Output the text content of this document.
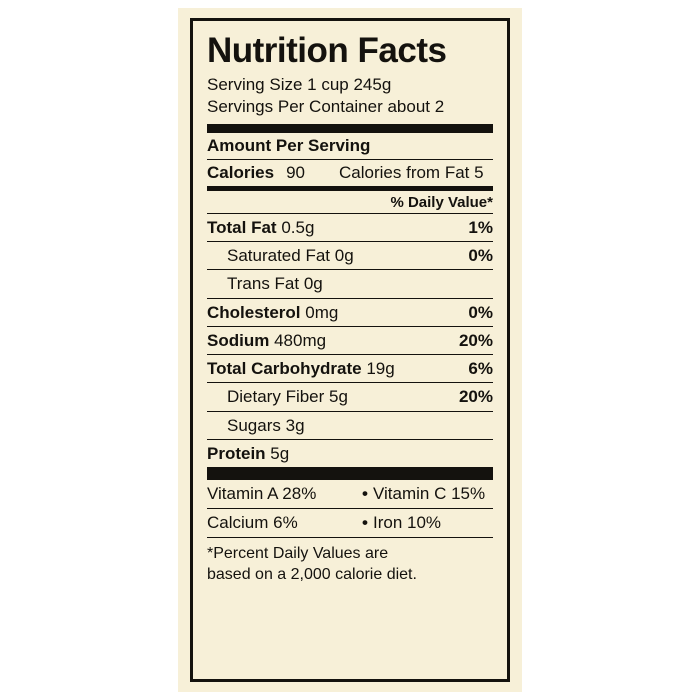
Nutrition Facts
Serving Size 1 cup 245g
Servings Per Container about 2
Amount Per Serving
Calories 90 Calories from Fat 5
% Daily Value*
Total Fat 0.5g	1%
Saturated Fat 0g	0%
Trans Fat 0g
Cholesterol 0mg	0%
Sodium 480mg	20%
Total Carbohydrate 19g	6%
Dietary Fiber 5g	20%
Sugars 3g
Protein 5g
Vitamin A 28%	• Vitamin C 15%
Calcium 6%	• Iron 10%
*Percent Daily Values are
based on a 2,000 calorie diet.
